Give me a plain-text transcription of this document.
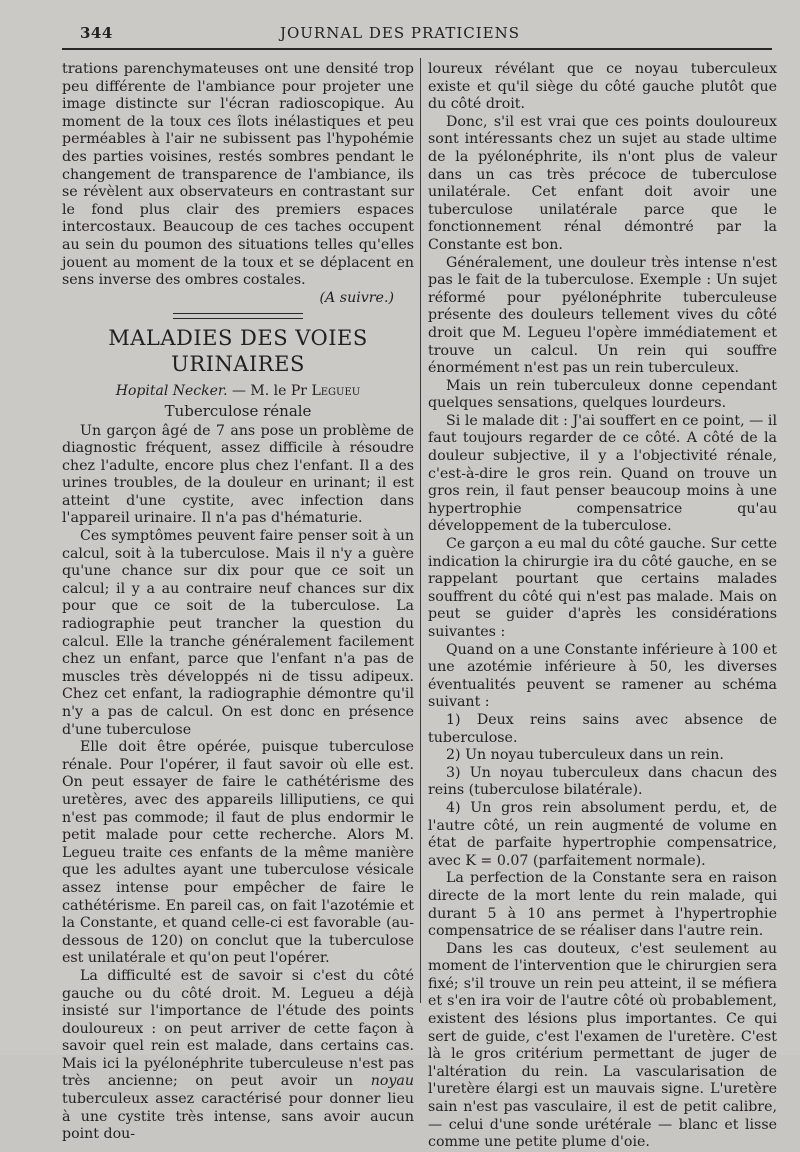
344	JOURNAL DES PRATICIENS

trations parenchymateuses ont une densité trop peu différente de l'ambiance pour projeter une image distincte sur l'écran radioscopique. Au moment de la toux ces îlots inélastiques et peu perméables à l'air ne subissent pas l'hypohémie des parties voisines, restés sombres pendant le changement de transparence de l'ambiance, ils se révèlent aux observateurs en contrastant sur le fond plus clair des premiers espaces intercostaux. Beaucoup de ces taches occupent au sein du poumon des situations telles qu'elles jouent au moment de la toux et se déplacent en sens inverse des ombres costales.

(A suivre.)

MALADIES DES VOIES URINAIRES
Hopital Necker. — M. le Pr Legueu
Tuberculose rénale

Un garçon âgé de 7 ans pose un problème de diagnostic fréquent, assez difficile à résoudre chez l'adulte, encore plus chez l'enfant. Il a des urines troubles, de la douleur en urinant; il est atteint d'une cystite, avec infection dans l'appareil urinaire. Il n'a pas d'hématurie.

Ces symptômes peuvent faire penser soit à un calcul, soit à la tuberculose. Mais il n'y a guère qu'une chance sur dix pour que ce soit un calcul; il y a au contraire neuf chances sur dix pour que ce soit de la tuberculose. La radiographie peut trancher la question du calcul. Elle la tranche généralement facilement chez un enfant, parce que l'enfant n'a pas de muscles très développés ni de tissu adipeux. Chez cet enfant, la radiographie démontre qu'il n'y a pas de calcul. On est donc en présence d'une tuberculose

Elle doit être opérée, puisque tuberculose rénale. Pour l'opérer, il faut savoir où elle est. On peut essayer de faire le cathétérisme des uretères, avec des appareils lilliputiens, ce qui n'est pas commode; il faut de plus endormir le petit malade pour cette recherche. Alors M. Legueu traite ces enfants de la même manière que les adultes ayant une tuberculose vésicale assez intense pour empêcher de faire le cathétérisme. En pareil cas, on fait l'azotémie et la Constante, et quand celle-ci est favorable (au-dessous de 120) on conclut que la tuberculose est unilatérale et qu'on peut l'opérer.

La difficulté est de savoir si c'est du côté gauche ou du côté droit. M. Legueu a déjà insisté sur l'importance de l'étude des points douloureux : on peut arriver de cette façon à savoir quel rein est malade, dans certains cas. Mais ici la pyélonéphrite tuberculeuse n'est pas très ancienne; on peut avoir un noyau tuberculeux assez caractérisé pour donner lieu à une cystite très intense, sans avoir aucun point dou-

loureux révélant que ce noyau tuberculeux existe et qu'il siège du côté gauche plutôt que du côté droit.

Donc, s'il est vrai que ces points douloureux sont intéressants chez un sujet au stade ultime de la pyélonéphrite, ils n'ont plus de valeur dans un cas très précoce de tuberculose unilatérale. Cet enfant doit avoir une tuberculose unilatérale parce que le fonctionnement rénal démontré par la Constante est bon.

Généralement, une douleur très intense n'est pas le fait de la tuberculose. Exemple : Un sujet réformé pour pyélonéphrite tuberculeuse présente des douleurs tellement vives du côté droit que M. Legueu l'opère immédiatement et trouve un calcul. Un rein qui souffre énormément n'est pas un rein tuberculeux.

Mais un rein tuberculeux donne cependant quelques sensations, quelques lourdeurs.

Si le malade dit : J'ai souffert en ce point, — il faut toujours regarder de ce côté. A côté de la douleur subjective, il y a l'objectivité rénale, c'est-à-dire le gros rein. Quand on trouve un gros rein, il faut penser beaucoup moins à une hypertrophie compensatrice qu'au développement de la tuberculose.

Ce garçon a eu mal du côté gauche. Sur cette indication la chirurgie ira du côté gauche, en se rappelant pourtant que certains malades souffrent du côté qui n'est pas malade. Mais on peut se guider d'après les considérations suivantes :

Quand on a une Constante inférieure à 100 et une azotémie inférieure à 50, les diverses éventualités peuvent se ramener au schéma suivant :

1) Deux reins sains avec absence de tuberculose.

2) Un noyau tuberculeux dans un rein.

3) Un noyau tuberculeux dans chacun des reins (tuberculose bilatérale).

4) Un gros rein absolument perdu, et, de l'autre côté, un rein augmenté de volume en état de parfaite hypertrophie compensatrice, avec K = 0.07 (parfaitement normale).

La perfection de la Constante sera en raison directe de la mort lente du rein malade, qui durant 5 à 10 ans permet à l'hypertrophie compensatrice de se réaliser dans l'autre rein.

Dans les cas douteux, c'est seulement au moment de l'intervention que le chirurgien sera fixé; s'il trouve un rein peu atteint, il se méfiera et s'en ira voir de l'autre côté où probablement, existent des lésions plus importantes. Ce qui sert de guide, c'est l'examen de l'uretère. C'est là le gros critérium permettant de juger de l'altération du rein. La vascularisation de l'uretère élargi est un mauvais signe. L'uretère sain n'est pas vasculaire, il est de petit calibre, — celui d'une sonde urétérale — blanc et lisse comme une petite plume d'oie.
